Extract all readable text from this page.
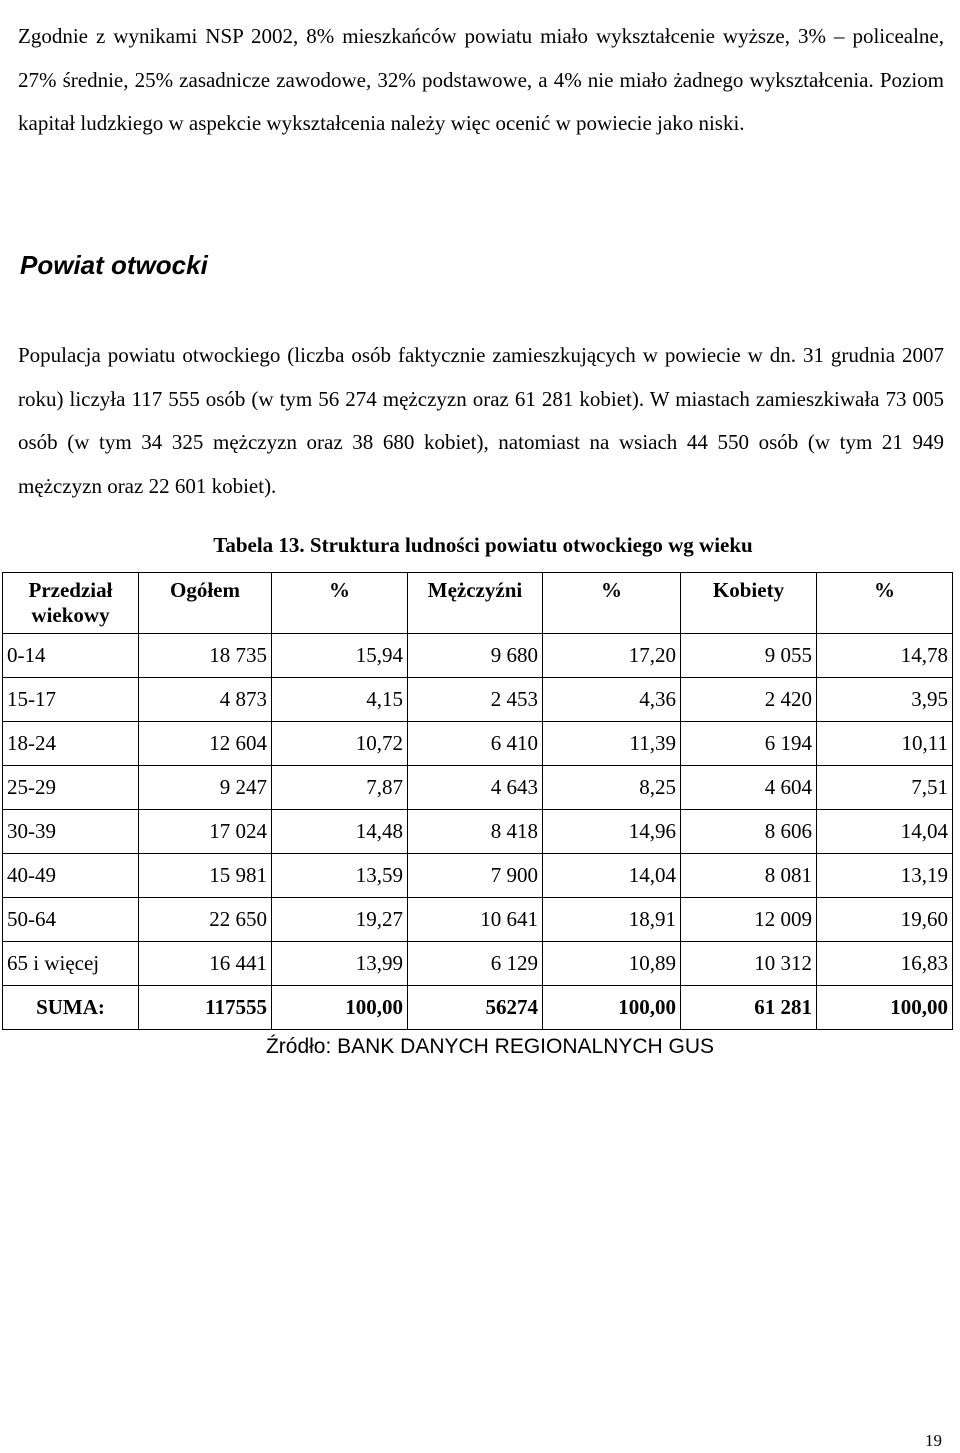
Zgodnie z wynikami NSP 2002, 8% mieszkańców powiatu miało wykształcenie wyższe, 3% – policealne, 27% średnie, 25% zasadnicze zawodowe, 32% podstawowe, a 4% nie miało żadnego wykształcenia. Poziom kapitał ludzkiego w aspekcie wykształcenia należy więc ocenić w powiecie jako niski.

Powiat otwocki

Populacja powiatu otwockiego (liczba osób faktycznie zamieszkujących w powiecie w dn. 31 grudnia 2007 roku) liczyła 117 555 osób (w tym 56 274 mężczyzn oraz 61 281 kobiet). W miastach zamieszkiwała 73 005 osób (w tym 34 325 mężczyzn oraz 38 680 kobiet), natomiast na wsiach 44 550 osób (w tym 21 949 mężczyzn oraz 22 601 kobiet).

Tabela 13. Struktura ludności powiatu otwockiego wg wieku
Przedział wiekowy	Ogółem	%	Mężczyźni	%	Kobiety	%
0-14	18 735	15,94	9 680	17,20	9 055	14,78
15-17	4 873	4,15	2 453	4,36	2 420	3,95
18-24	12 604	10,72	6 410	11,39	6 194	10,11
25-29	9 247	7,87	4 643	8,25	4 604	7,51
30-39	17 024	14,48	8 418	14,96	8 606	14,04
40-49	15 981	13,59	7 900	14,04	8 081	13,19
50-64	22 650	19,27	10 641	18,91	12 009	19,60
65 i więcej	16 441	13,99	6 129	10,89	10 312	16,83
SUMA:	117555	100,00	56274	100,00	61 281	100,00
Źródło: BANK DANYCH REGIONALNYCH GUS
19
